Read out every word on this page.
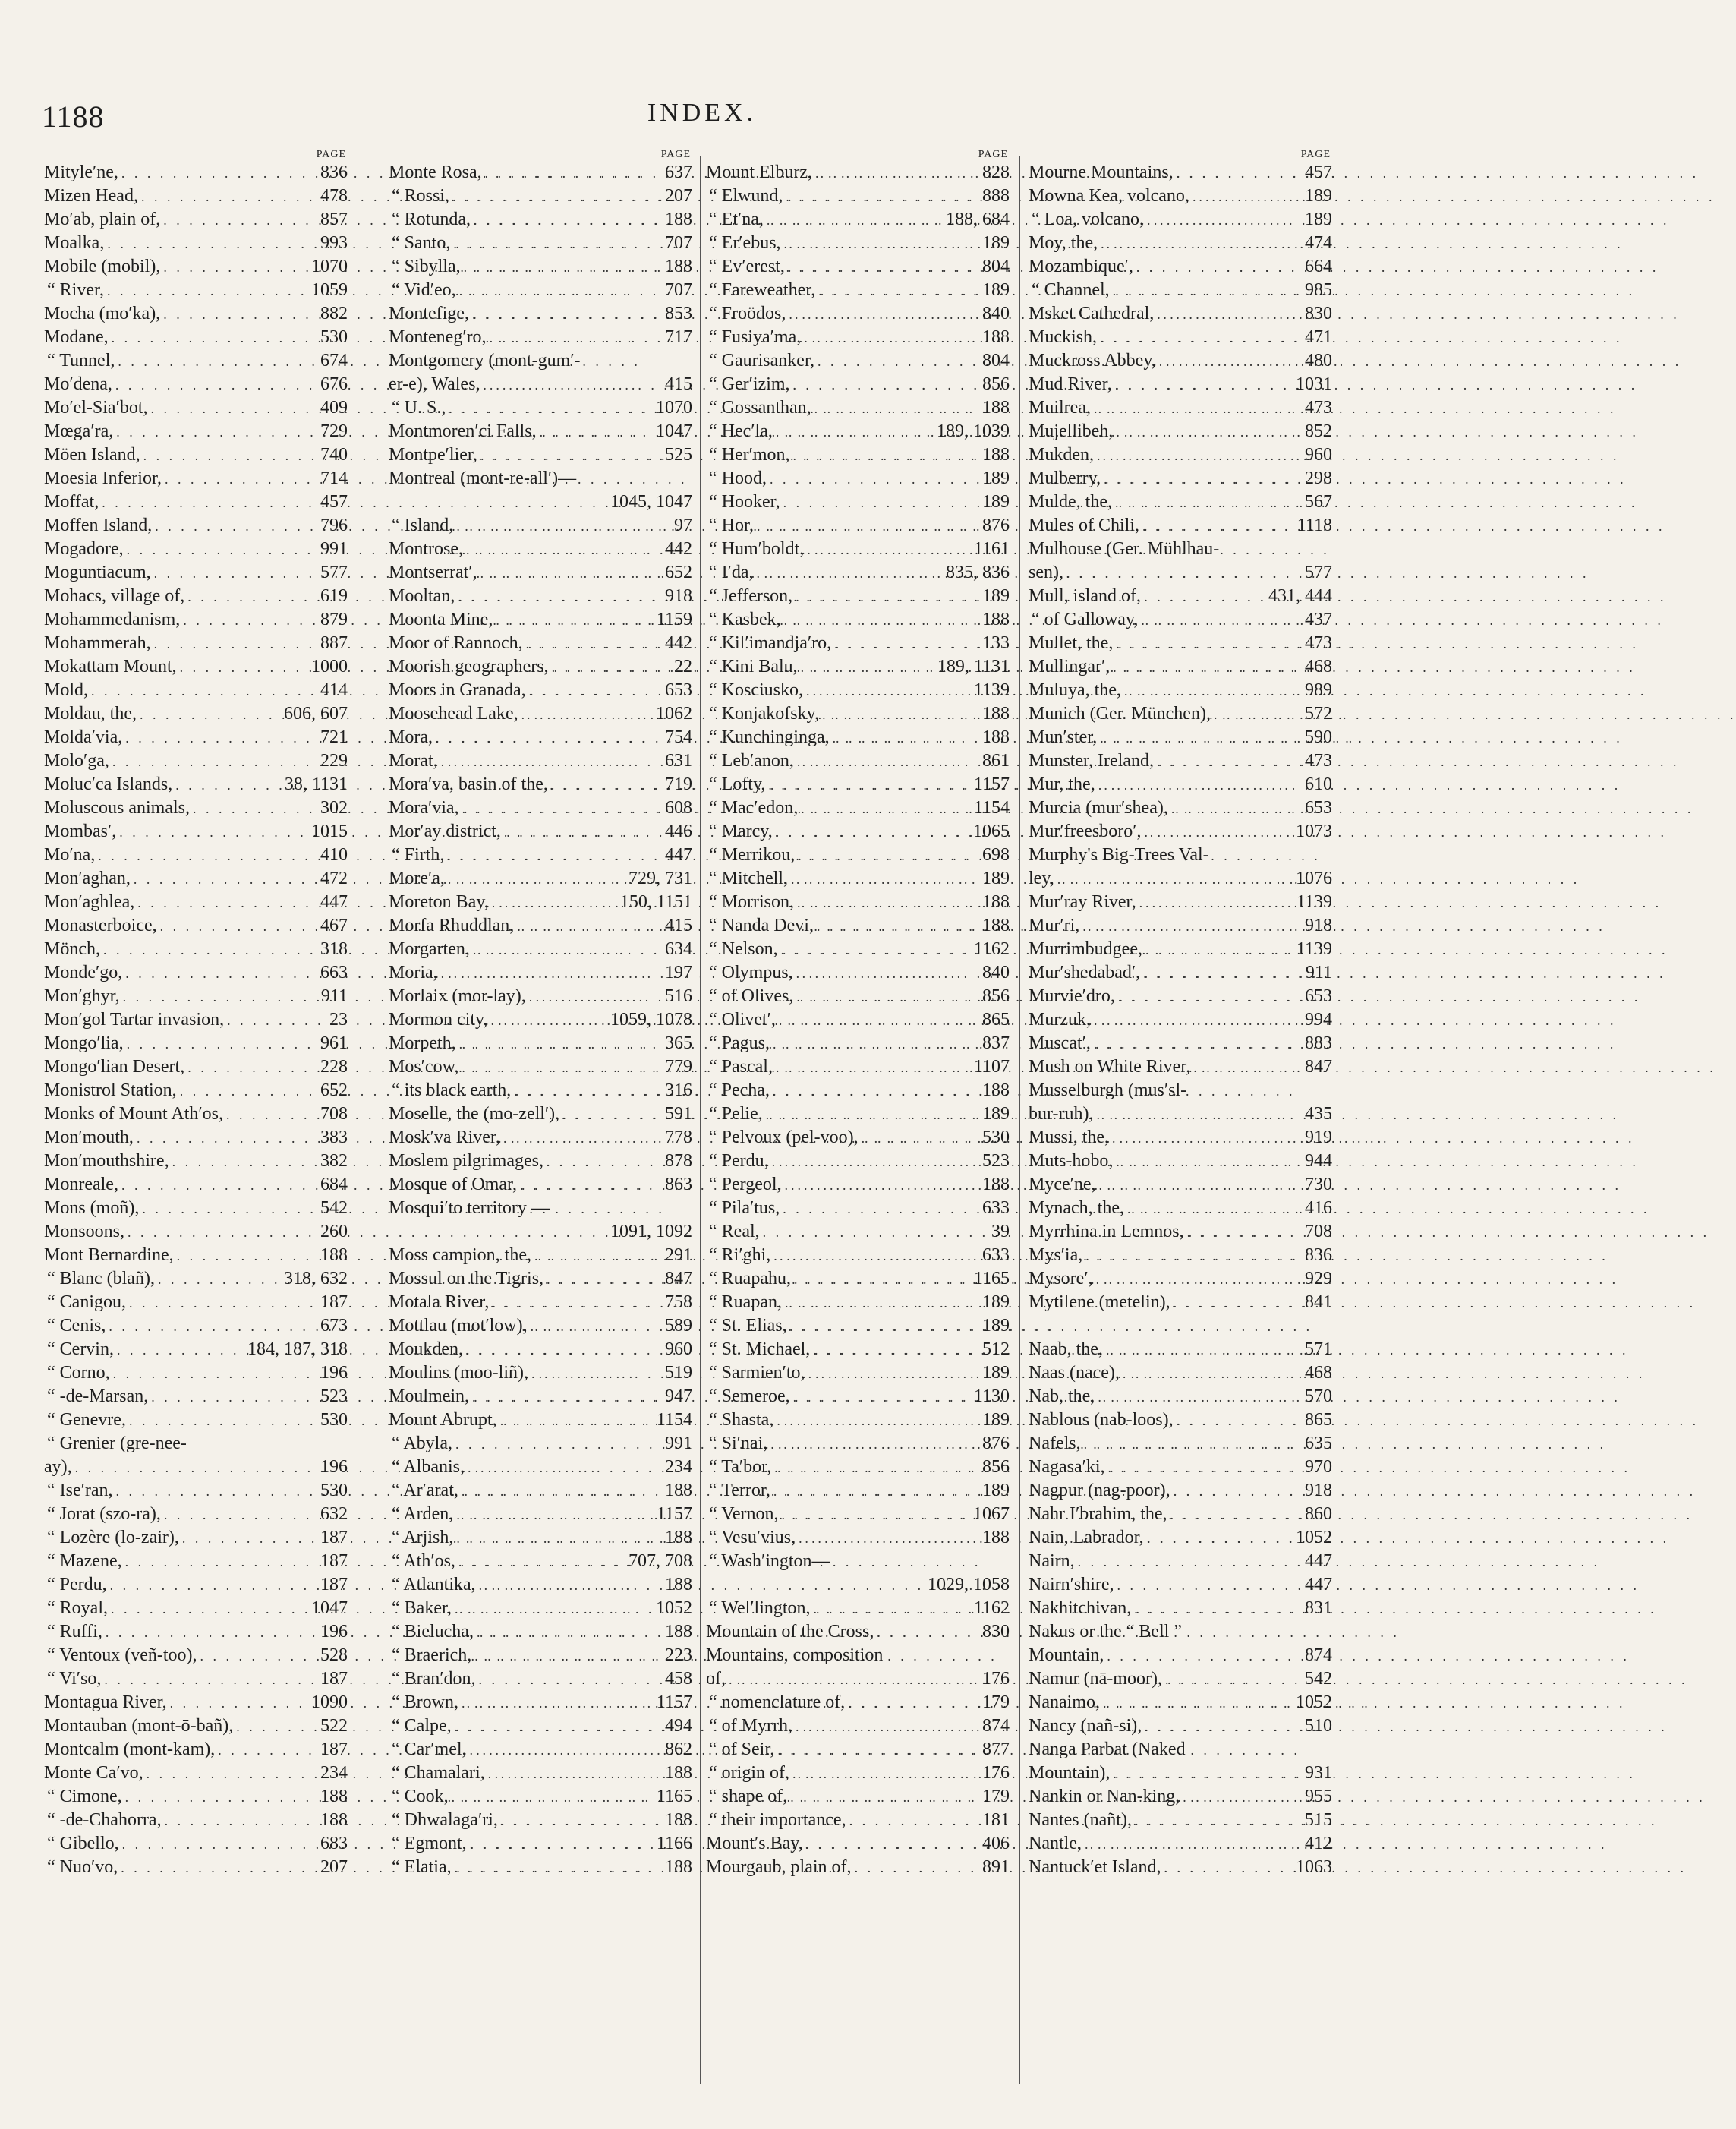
1188	INDEX.
PAGE
Mityle′ne, . . .	836
Mizen Head, . . .	478
Mo′ab, plain of, . . .	857
Moalka, . . .	993
Mobile (mobil), . . .	1070
“ River, . . .	1059
Mocha (mo′ka), . . .	882
Modane, . . .	530
“ Tunnel, . . .	674
Mo′dena, . . .	676
Mo′el-Sia′bot, . . .	409
Mœga′ra, . . .	729
Möen Island, . . .	740
Moesia Inferior, . . .	714
Moffat, . . .	457
Moffen Island, . . .	796
Mogadore, . . .	991
Moguntiacum, . . .	577
Mohacs, village of, . . .	619
Mohammedanism, . . .	879
Mohammerah, . . .	887
Mokattam Mount, . . .	1000
Mold, . . .	414
Moldau, the, . . .	606, 607
Molda′via, . . .	721
Molo′ga, . . .	229
Moluc′ca Islands, . . .	38, 1131
Moluscous animals, . . .	302
Mombas′, . . .	1015
Mo′na, . . .	410
Mon′aghan, . . .	472
Mon′aghlea, . . .	447
Monasterboice, . . .	467
Mönch, . . .	318
Monde′go, . . .	663
Mon′ghyr, . . .	911
Mon′gol Tartar invasion, . . .	23
Mongo′lia, . . .	961
Mongo′lian Desert, . . .	228
Monistrol Station, . . .	652
Monks of Mount Ath′os, . . .	708
Mon′mouth, . . .	383
Mon′mouthshire, . . .	382
Monreale, . . .	684
Mons (moñ), . . .	542
Monsoons, . . .	260
Mont Bernardine, . . .	188
“ Blanc (blañ), . . .	318, 632
“ Canigou, . . .	187
“ Cenis, . . .	673
“ Cervin, . . .	184, 187, 318
“ Corno, . . .	196
“ -de-Marsan, . . .	523
“ Genevre, . . .	530
“ Grenier (gre-nee-
ay), . . .	196
“ Ise′ran, . . .	530
“ Jorat (szo-ra), . . .	632
“ Lozère (lo-zair), . . .	187
“ Mazene, . . .	187
“ Perdu, . . .	187
“ Royal, . . .	1047
“ Ruffi, . . .	196
“ Ventoux (veñ-too), . . .	528
“ Vi′so, . . .	187
Montagua River, . . .	1090
Montauban (mont-ō-bañ), . . .	522
Montcalm (mont-kam), . . .	187
Monte Ca′vo, . . .	234
“ Cimone, . . .	188
“ -de-Chahorra, . . .	188
“ Gibello, . . .	683
“ Nuo′vo, . . .	207
PAGE
Monte Rosa, . . .	637
“ Rossi, . . .	207
“ Rotunda, . . .	188
“ Santo, . . .	707
“ Sibylla, . . .	188
“ Vid′eo, . . .	707
Montefige, . . .	853
Monteneg′ro, . . .	717
Montgomery (mont-gum′-
er-e), Wales, . . .	415
“ U. S., . . .	1070
Montmoren′ci Falls, . . .	1047
Montpe′lier, . . .	525
Montreal (mont-re-all′)—
1045, 1047
“ Island, . . .	97
Montrose, . . .	442
Montserrat′, . . .	652
Mooltan, . . .	918
Moonta Mine, . . .	1159
Moor of Rannoch, . . .	442
Moorish geographers, . . .	22
Moors in Granada, . . .	653
Moosehead Lake, . . .	1062
Mora, . . .	754
Morat, . . .	631
Mora′va, basin of the, . . .	719
Mora′via, . . .	608
Mor′ay district, . . .	446
“ Firth, . . .	447
More′a, . . .	729, 731
Moreton Bay, . . .	150, 1151
Morfa Rhuddlan, . . .	415
Morgarten, . . .	634
Moria, . . .	197
Morlaix (mor-lay), . . .	516
Mormon city, . . .	1059, 1078
Morpeth, . . .	365
Mos′cow, . . .	779
“ its black earth, . . .	316
Moselle, the (mo-zell′), . . .	591
Mosk′va River, . . .	778
Moslem pilgrimages, . . .	878
Mosque of Omar, . . .	863
Mosqui′to territory —
1091, 1092
Moss campion, the, . . .	291
Mossul on the Tigris, . . .	847
Motala River, . . .	758
Mottlau (mot′low), . . .	589
Moukden, . . .	960
Moulins (moo-liñ), . . .	519
Moulmein, . . .	947
Mount Abrupt, . . .	1154
“ Abyla, . . .	991
“ Albanis, . . .	234
“ Ar′arat, . . .	188
“ Arden, . . .	1157
“ Arjish, . . .	188
“ Ath′os, . . .	707, 708
“ Atlantika, . . .	188
“ Baker, . . .	1052
“ Bielucha, . . .	188
“ Braerich, . . .	223
“ Bran′don, . . .	458
“ Brown, . . .	1157
“ Calpe, . . .	494
“ Car′mel, . . .	862
“ Chamalari, . . .	188
“ Cook, . . .	1165
“ Dhwalaga′ri, . . .	188
“ Egmont, . . .	1166
“ Elatia, . . .	188
PAGE
Mount Elburz, . . .	828
“ Elwund, . . .	888
“ Et′na, . . .	188, 684
“ Er′ebus, . . .	189
“ Ev′erest, . . .	804
“ Fareweather, . . .	189
“ Froödos, . . .	840
“ Fusiya′ma, . . .	188
“ Gaurisanker, . . .	804
“ Ger′izim, . . .	856
“ Gossanthan, . . .	188
“ Hec′la, . . .	189, 1039
“ Her′mon, . . .	188
“ Hood, . . .	189
“ Hooker, . . .	189
“ Hor, . . .	876
“ Hum′boldt, . . .	1161
“ I′da, . . .	835, 836
“ Jefferson, . . .	189
“ Kasbek, . . .	188
“ Kil′imandja′ro, . . .	133
“ Kini Balu, . . .	189, 1131
“ Kosciusko, . . .	1139
“ Konjakofsky, . . .	188
“ Kunchinginga, . . .	188
“ Leb′anon, . . .	861
“ Lofty, . . .	1157
“ Mac′edon, . . .	1154
“ Marcy, . . .	1065
“ Merrikou, . . .	698
“ Mitchell, . . .	189
“ Morrison, . . .	188
“ Nanda Devi, . . .	188
“ Nelson, . . .	1162
“ Olympus, . . .	840
“ of Olives, . . .	856
“ Olivet′, . . .	865
“ Pagus, . . .	837
“ Pascal, . . .	1107
“ Pecha, . . .	188
“ Pelie, . . .	189
“ Pelvoux (pel-voo), . . .	530
“ Perdu, . . .	523
“ Pergeol, . . .	188
“ Pila′tus, . . .	633
“ Real, . . .	39
“ Ri′ghi, . . .	633
“ Ruapahu, . . .	1165
“ Ruapan, . . .	189
“ St. Elias, . . .	189
“ St. Michael, . . .	512
“ Sarmien′to, . . .	189
“ Semeroe, . . .	1130
“ Shasta, . . .	189
“ Si′nai, . . .	876
“ Ta′bor, . . .	856
“ Terror, . . .	189
“ Vernon, . . .	1067
“ Vesu′vius, . . .	188
“ Wash′ington—
1029, 1058
“ Wel′lington, . . .	1162
Mountain of the Cross, . . .	830
Mountains, composition
of, . . .	176
“ nomenclature of, . . .	179
“ of Myrrh, . . .	874
“ of Seir, . . .	877
“ origin of, . . .	176
“ shape of, . . .	179
“ their importance, . . .	181
Mount′s Bay, . . .	406
Mourgaub, plain of, . . .	891
PAGE
Mourne Mountains, . . .	457
Mowna Kea, volcano, . . .	189
“ Loa, volcano, . . .	189
Moy, the, . . .	474
Mozambique′, . . .	664
“ Channel, . . .	985
Msket Cathedral, . . .	830
Muckish, . . .	471
Muckross Abbey, . . .	480
Mud River, . . .	1031
Muilrea, . . .	473
Mujellibeh, . . .	852
Mukden, . . .	960
Mulberry, . . .	298
Mulde, the, . . .	567
Mules of Chili, . . .	1118
Mulhouse (Ger. Mühlhau-
sen), . . .	577
Mull, island of, . . .	431, 444
“ of Galloway, . . .	437
Mullet, the, . . .	473
Mullingar′, . . .	468
Muluya, the, . . .	989
Munich (Ger. München), . . .	572
Mun′ster, . . .	590
Munster, Ireland, . . .	473
Mur, the, . . .	610
Murcia (mur′shea), . . .	653
Mur′freesboro′, . . .	1073
Murphy's Big-Trees Val-
ley, . . .	1076
Mur′ray River, . . .	1139
Mur′ri, . . .	918
Murrimbudgee, . . .	1139
Mur′shedabad′, . . .	911
Murvie′dro, . . .	653
Murzuk, . . .	994
Muscat′, . . .	883
Mush on White River, . . .	847
Musselburgh (mus′sl-
bur-ruh), . . .	435
Mussi, the, . . .	919
Muts-hobo, . . .	944
Myce′ne, . . .	730
Mynach, the, . . .	416
Myrrhina in Lemnos, . . .	708
Mys′ia, . . .	836
Mysore′, . . .	929
Mytilene (metelin), . . .	841
Naab, the, . . .	571
Naas (nace), . . .	468
Nab, the, . . .	570
Nablous (nab-loos), . . .	865
Nafels, . . .	635
Nagasa′ki, . . .	970
Nagpur (nag-poor), . . .	918
Nahr I′brahim, the, . . .	860
Nain, Labrador, . . .	1052
Nairn, . . .	447
Nairn′shire, . . .	447
Nakhitchivan, . . .	831
Nakus or the “ Bell ”
Mountain, . . .	874
Namur (nā-moor), . . .	542
Nanaimo, . . .	1052
Nancy (nañ-si), . . .	510
Nanga Parbat (Naked
Mountain), . . .	931
Nankin or Nan-king, . . .	955
Nantes (nañt), . . .	515
Nantle, . . .	412
Nantuck′et Island, . . .	1063
